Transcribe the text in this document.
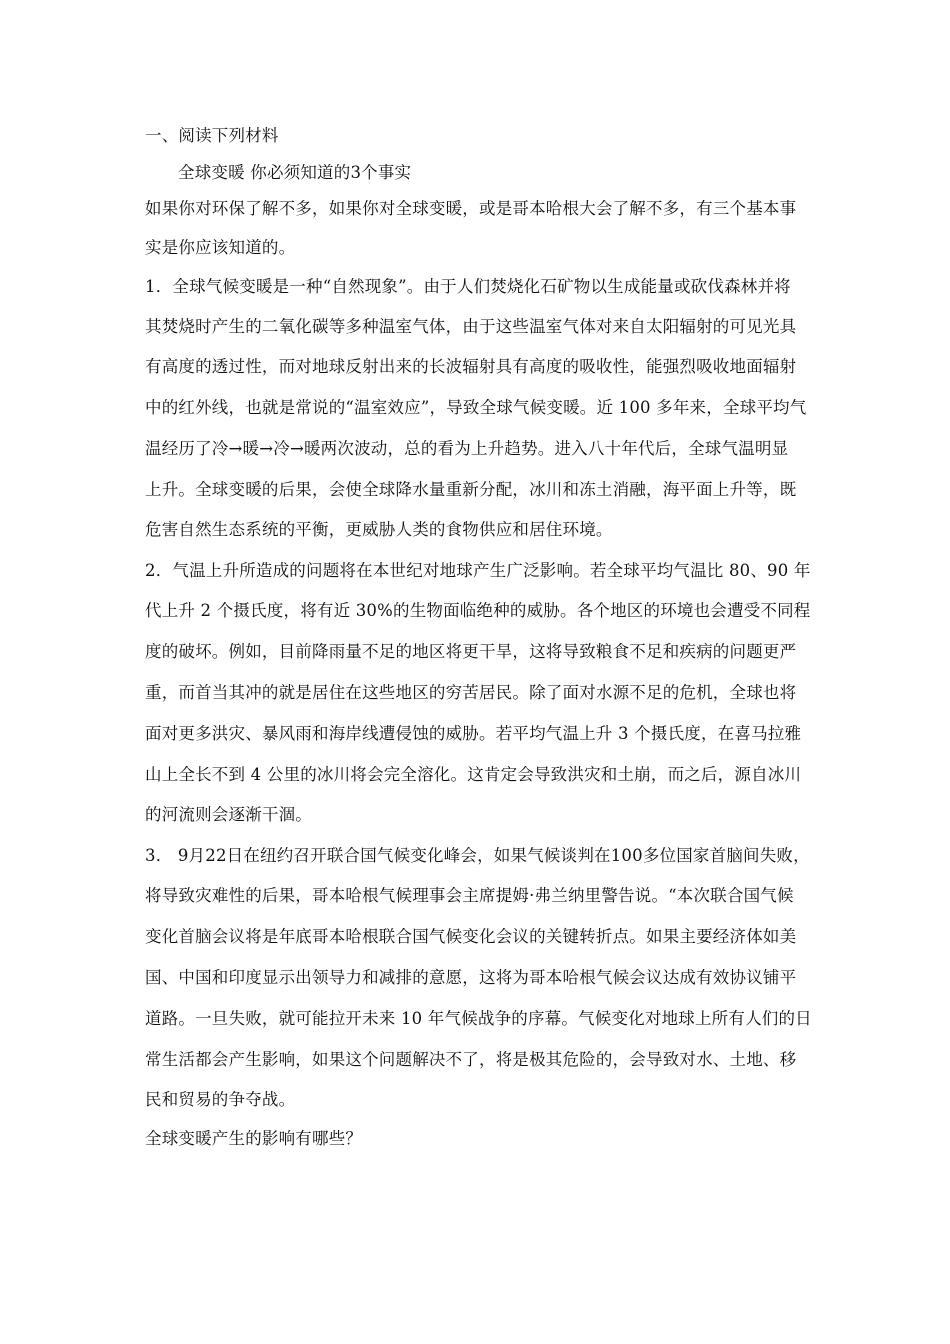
一、阅读下列材料
全球变暖 你必须知道的3个事实
如果你对环保了解不多，如果你对全球变暖，或是哥本哈根大会了解不多，有三个基本事
实是你应该知道的。
1．全球气候变暖是一种“自然现象”。由于人们焚烧化石矿物以生成能量或砍伐森林并将
其焚烧时产生的二氧化碳等多种温室气体，由于这些温室气体对来自太阳辐射的可见光具
有高度的透过性，而对地球反射出来的长波辐射具有高度的吸收性，能强烈吸收地面辐射
中的红外线，也就是常说的“温室效应”，导致全球气候变暖。近 100 多年来，全球平均气
温经历了冷→暖→冷→暖两次波动，总的看为上升趋势。进入八十年代后，全球气温明显
上升。全球变暖的后果，会使全球降水量重新分配，冰川和冻土消融，海平面上升等，既
危害自然生态系统的平衡，更威胁人类的食物供应和居住环境。
2．气温上升所造成的问题将在本世纪对地球产生广泛影响。若全球平均气温比 80、90 年
代上升 2 个摄氏度，将有近 30%的生物面临绝种的威胁。各个地区的环境也会遭受不同程
度的破坏。例如，目前降雨量不足的地区将更干旱，这将导致粮食不足和疾病的问题更严
重，而首当其冲的就是居住在这些地区的穷苦居民。除了面对水源不足的危机，全球也将
面对更多洪灾、暴风雨和海岸线遭侵蚀的威胁。若平均气温上升 3 个摄氏度，在喜马拉雅
山上全长不到 4 公里的冰川将会完全溶化。这肯定会导致洪灾和土崩，而之后，源自冰川
的河流则会逐渐干涸。
3． 9月22日在纽约召开联合国气候变化峰会，如果气候谈判在100多位国家首脑间失败，
将导致灾难性的后果，哥本哈根气候理事会主席提姆·弗兰纳里警告说。“本次联合国气候
变化首脑会议将是年底哥本哈根联合国气候变化会议的关键转折点。如果主要经济体如美
国、中国和印度显示出领导力和减排的意愿，这将为哥本哈根气候会议达成有效协议铺平
道路。一旦失败，就可能拉开未来 10 年气候战争的序幕。气候变化对地球上所有人们的日
常生活都会产生影响，如果这个问题解决不了，将是极其危险的，会导致对水、土地、移
民和贸易的争夺战。
全球变暖产生的影响有哪些？
